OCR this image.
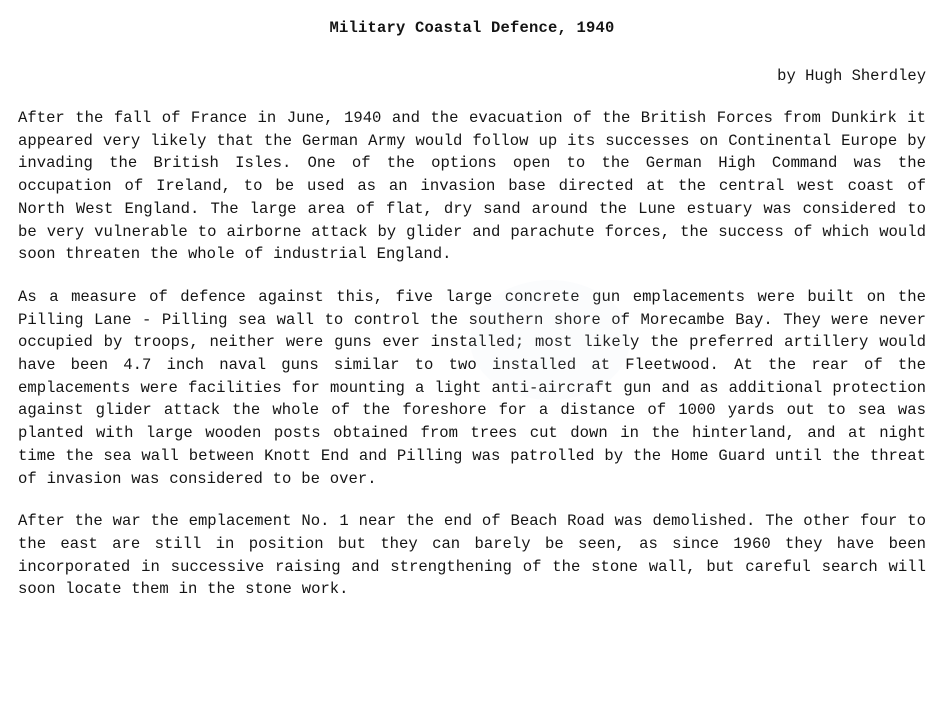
Military Coastal Defence, 1940
by Hugh Sherdley

After the fall of France in June, 1940 and the evacuation of the British Forces from Dunkirk it appeared very likely that the German Army would follow up its successes on Continental Europe by invading the British Isles. One of the options open to the German High Command was the occupation of Ireland, to be used as an invasion base directed at the central west coast of North West England. The large area of flat, dry sand around the Lune estuary was considered to be very vulnerable to airborne attack by glider and parachute forces, the success of which would soon threaten the whole of industrial England.

As a measure of defence against this, five large concrete gun emplacements were built on the Pilling Lane - Pilling sea wall to control the southern shore of Morecambe Bay. They were never occupied by troops, neither were guns ever installed; most likely the preferred artillery would have been 4.7 inch naval guns similar to two installed at Fleetwood. At the rear of the emplacements were facilities for mounting a light anti-aircraft gun and as additional protection against glider attack the whole of the foreshore for a distance of 1000 yards out to sea was planted with large wooden posts obtained from trees cut down in the hinterland, and at night time the sea wall between Knott End and Pilling was patrolled by the Home Guard until the threat of invasion was considered to be over.

After the war the emplacement No. 1 near the end of Beach Road was demolished. The other four to the east are still in position but they can barely be seen, as since 1960 they have been incorporated in successive raising and strengthening of the stone wall, but careful search will soon locate them in the stone work.
